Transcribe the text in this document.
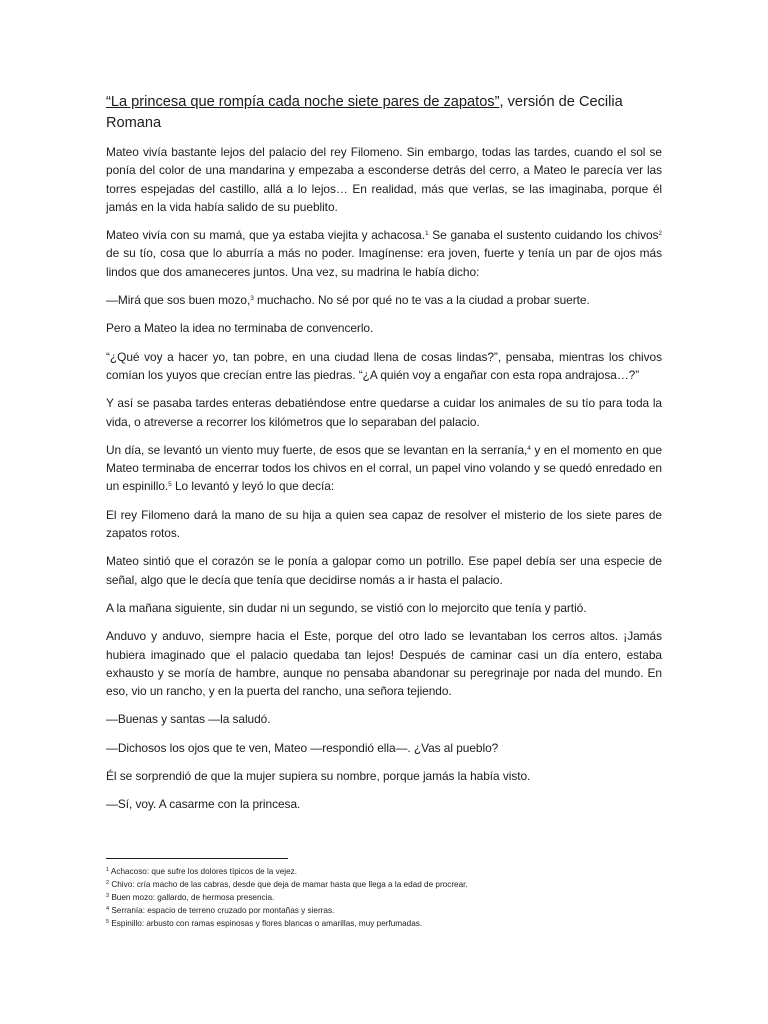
“La princesa que rompía cada noche siete pares de zapatos”, versión de Cecilia Romana

Mateo vivía bastante lejos del palacio del rey Filomeno. Sin embargo, todas las tardes, cuando el sol se ponía del color de una mandarina y empezaba a esconderse detrás del cerro, a Mateo le parecía ver las torres espejadas del castillo, allá a lo lejos… En realidad, más que verlas, se las imaginaba, porque él jamás en la vida había salido de su pueblito.

Mateo vivía con su mamá, que ya estaba viejita y achacosa.$^1$ Se ganaba el sustento cuidando los chivos$^2$ de su tío, cosa que lo aburría a más no poder. Imagínense: era joven, fuerte y tenía un par de ojos más lindos que dos amaneceres juntos. Una vez, su madrina le había dicho:

—Mirá que sos buen mozo,$^3$ muchacho. No sé por qué no te vas a la ciudad a probar suerte.

Pero a Mateo la idea no terminaba de convencerlo.

“¿Qué voy a hacer yo, tan pobre, en una ciudad llena de cosas lindas?”, pensaba, mientras los chivos comían los yuyos que crecían entre las piedras. “¿A quién voy a engañar con esta ropa andrajosa…?”

Y así se pasaba tardes enteras debatiéndose entre quedarse a cuidar los animales de su tío para toda la vida, o atreverse a recorrer los kilómetros que lo separaban del palacio.

Un día, se levantó un viento muy fuerte, de esos que se levantan en la serranía,$^4$ y en el momento en que Mateo terminaba de encerrar todos los chivos en el corral, un papel vino volando y se quedó enredado en un espinillo.$^5$ Lo levantó y leyó lo que decía:

El rey Filomeno dará la mano de su hija a quien sea capaz de resolver el misterio de los siete pares de zapatos rotos.

Mateo sintió que el corazón se le ponía a galopar como un potrillo. Ese papel debía ser una especie de señal, algo que le decía que tenía que decidirse nomás a ir hasta el palacio.

A la mañana siguiente, sin dudar ni un segundo, se vistió con lo mejorcito que tenía y partió.

Anduvo y anduvo, siempre hacia el Este, porque del otro lado se levantaban los cerros altos. ¡Jamás hubiera imaginado que el palacio quedaba tan lejos! Después de caminar casi un día entero, estaba exhausto y se moría de hambre, aunque no pensaba abandonar su peregrinaje por nada del mundo. En eso, vio un rancho, y en la puerta del rancho, una señora tejiendo.

—Buenas y santas —la saludó.

—Dichosos los ojos que te ven, Mateo —respondió ella—. ¿Vas al pueblo?

Él se sorprendió de que la mujer supiera su nombre, porque jamás la había visto.

—Sí, voy. A casarme con la princesa.

$^1$ Achacoso: que sufre los dolores típicos de la vejez.
$^2$ Chivo: cría macho de las cabras, desde que deja de mamar hasta que llega a la edad de procrear.
$^3$ Buen mozo: gallardo, de hermosa presencia.
$^4$ Serranía: espacio de terreno cruzado por montañas y sierras.
$^5$ Espinillo: arbusto con ramas espinosas y flores blancas o amarillas, muy perfumadas.
